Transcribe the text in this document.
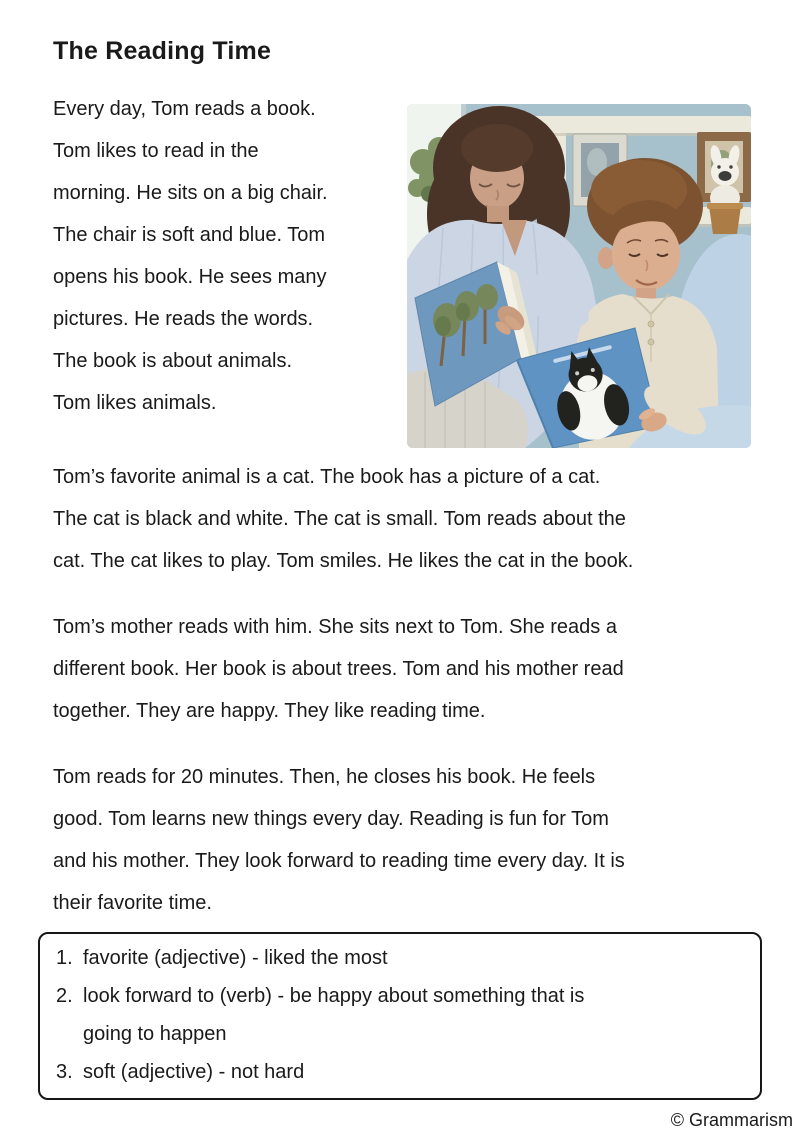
The Reading Time
Every day, Tom reads a book.
Tom likes to read in the
morning. He sits on a big chair.
The chair is soft and blue. Tom
opens his book. He sees many
pictures. He reads the words.
The book is about animals.
Tom likes animals.
Tom’s favorite animal is a cat. The book has a picture of a cat.
The cat is black and white. The cat is small. Tom reads about the
cat. The cat likes to play. Tom smiles. He likes the cat in the book.
Tom’s mother reads with him. She sits next to Tom. She reads a
different book. Her book is about trees. Tom and his mother read
together. They are happy. They like reading time.
Tom reads for 20 minutes. Then, he closes his book. He feels
good. Tom learns new things every day. Reading is fun for Tom
and his mother. They look forward to reading time every day. It is
their favorite time.
1. favorite (adjective) - liked the most
2. look forward to (verb) - be happy about something that is
going to happen
3. soft (adjective) - not hard
© Grammarism
